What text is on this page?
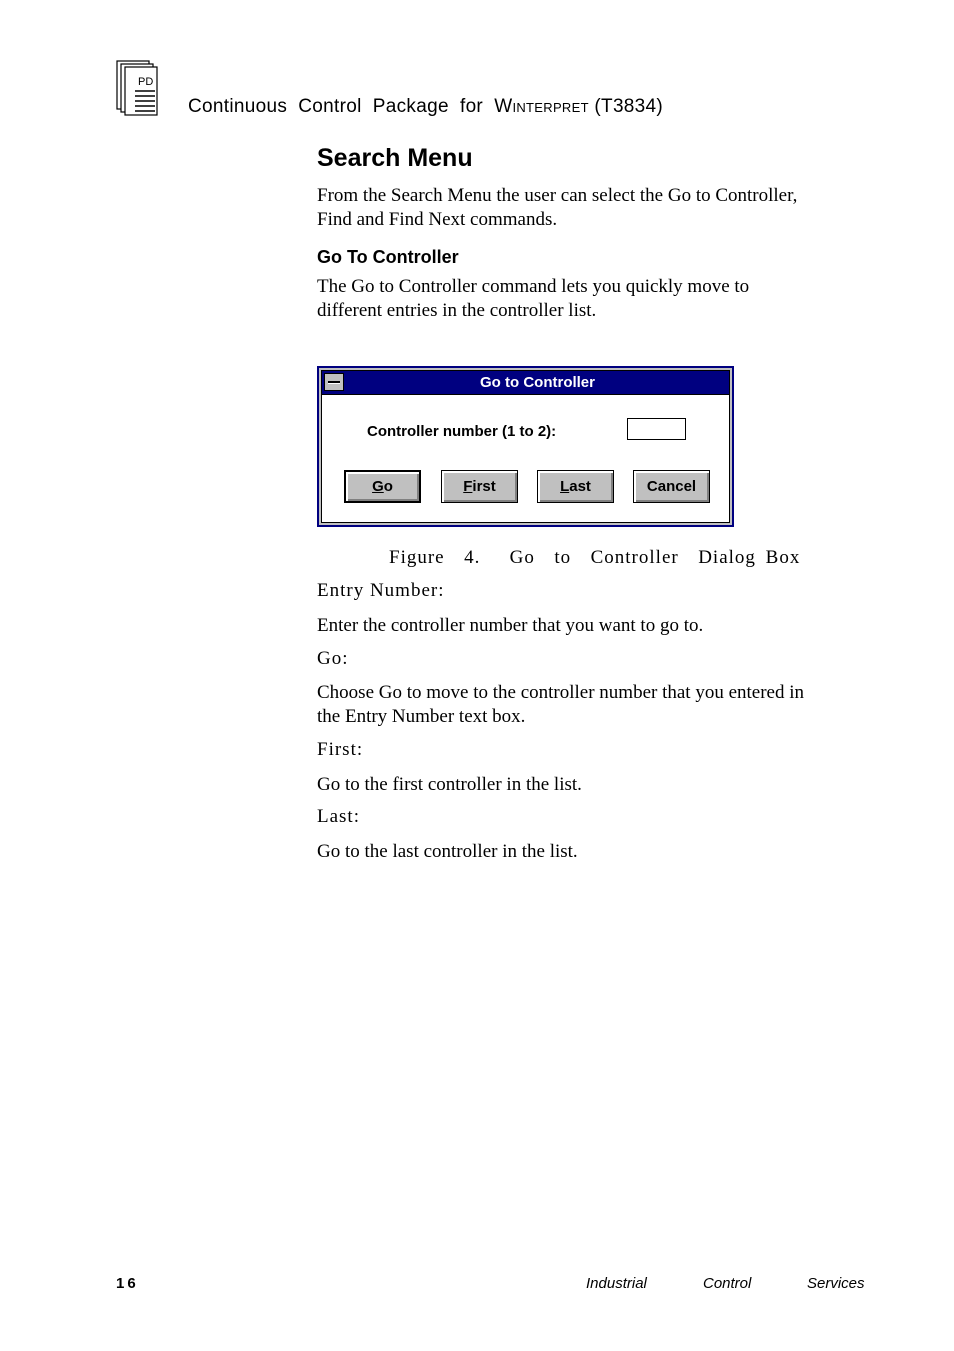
PD
Continuous  Control  Package  for  Winterpret (T3834)
Search Menu
From the Search Menu the user can select the Go to Controller, Find and Find Next commands.
Go To Controller
The Go to Controller command lets you quickly move to different entries in the controller list.
Go to Controller
Controller number (1 to 2):
Go	First	Last	Cancel
Figure  4.   Go  to  Controller  Dialog Box
Entry Number:
Enter the controller number that you want to go to.
Go:
Choose Go to move to the controller number that you entered in the Entry Number text box.
First:
Go to the first controller in the list.
Last:
Go to the last controller in the list.
16	Industrial	Control	Services
